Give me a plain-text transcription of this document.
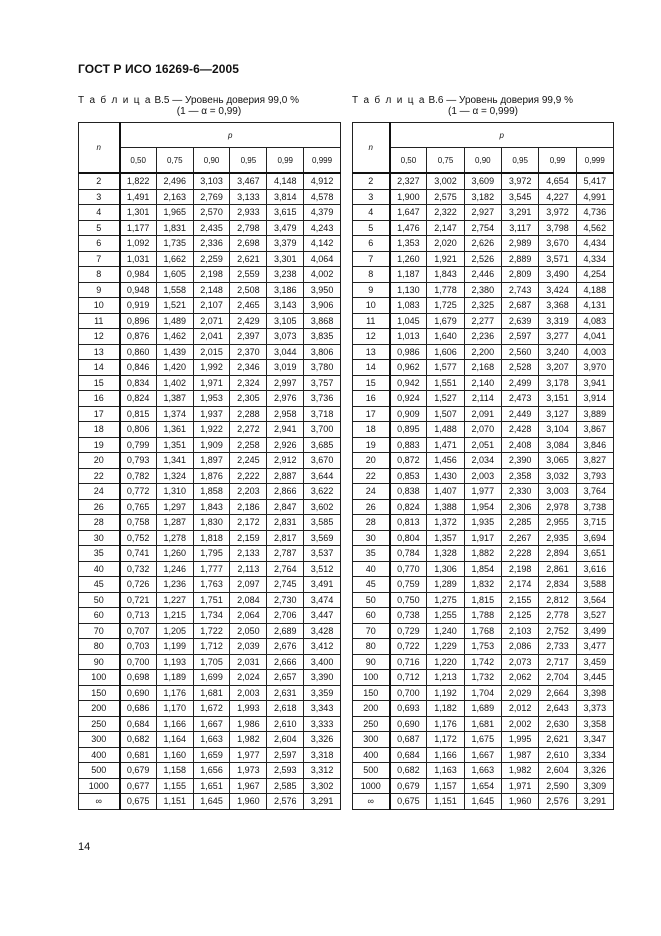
ГОСТ Р ИСО 16269-6—2005
Т а б л и ц а В.5 — Уровень доверия 99,0 %
(1 — α = 0,99)
Т а б л и ц а В.6 — Уровень доверия 99,9 %
(1 — α = 0,999)
n	p					
	0,50	0,75	0,90	0,95	0,99	0,999
2	1,822	2,496	3,103	3,467	4,148	4,912
3	1,491	2,163	2,769	3,133	3,814	4,578
4	1,301	1,965	2,570	2,933	3,615	4,379
5	1,177	1,831	2,435	2,798	3,479	4,243
6	1,092	1,735	2,336	2,698	3,379	4,142
7	1,031	1,662	2,259	2,621	3,301	4,064
8	0,984	1,605	2,198	2,559	3,238	4,002
9	0,948	1,558	2,148	2,508	3,186	3,950
10	0,919	1,521	2,107	2,465	3,143	3,906
11	0,896	1,489	2,071	2,429	3,105	3,868
12	0,876	1,462	2,041	2,397	3,073	3,835
13	0,860	1,439	2,015	2,370	3,044	3,806
14	0,846	1,420	1,992	2,346	3,019	3,780
15	0,834	1,402	1,971	2,324	2,997	3,757
16	0,824	1,387	1,953	2,305	2,976	3,736
17	0,815	1,374	1,937	2,288	2,958	3,718
18	0,806	1,361	1,922	2,272	2,941	3,700
19	0,799	1,351	1,909	2,258	2,926	3,685
20	0,793	1,341	1,897	2,245	2,912	3,670
22	0,782	1,324	1,876	2,222	2,887	3,644
24	0,772	1,310	1,858	2,203	2,866	3,622
26	0,765	1,297	1,843	2,186	2,847	3,602
28	0,758	1,287	1,830	2,172	2,831	3,585
30	0,752	1,278	1,818	2,159	2,817	3,569
35	0,741	1,260	1,795	2,133	2,787	3,537
40	0,732	1,246	1,777	2,113	2,764	3,512
45	0,726	1,236	1,763	2,097	2,745	3,491
50	0,721	1,227	1,751	2,084	2,730	3,474
60	0,713	1,215	1,734	2,064	2,706	3,447
70	0,707	1,205	1,722	2,050	2,689	3,428
80	0,703	1,199	1,712	2,039	2,676	3,412
90	0,700	1,193	1,705	2,031	2,666	3,400
100	0,698	1,189	1,699	2,024	2,657	3,390
150	0,690	1,176	1,681	2,003	2,631	3,359
200	0,686	1,170	1,672	1,993	2,618	3,343
250	0,684	1,166	1,667	1,986	2,610	3,333
300	0,682	1,164	1,663	1,982	2,604	3,326
400	0,681	1,160	1,659	1,977	2,597	3,318
500	0,679	1,158	1,656	1,973	2,593	3,312
1000	0,677	1,155	1,651	1,967	2,585	3,302
∞	0,675	1,151	1,645	1,960	2,576	3,291
n	p					
	0,50	0,75	0,90	0,95	0,99	0,999
2	2,327	3,002	3,609	3,972	4,654	5,417
3	1,900	2,575	3,182	3,545	4,227	4,991
4	1,647	2,322	2,927	3,291	3,972	4,736
5	1,476	2,147	2,754	3,117	3,798	4,562
6	1,353	2,020	2,626	2,989	3,670	4,434
7	1,260	1,921	2,526	2,889	3,571	4,334
8	1,187	1,843	2,446	2,809	3,490	4,254
9	1,130	1,778	2,380	2,743	3,424	4,188
10	1,083	1,725	2,325	2,687	3,368	4,131
11	1,045	1,679	2,277	2,639	3,319	4,083
12	1,013	1,640	2,236	2,597	3,277	4,041
13	0,986	1,606	2,200	2,560	3,240	4,003
14	0,962	1,577	2,168	2,528	3,207	3,970
15	0,942	1,551	2,140	2,499	3,178	3,941
16	0,924	1,527	2,114	2,473	3,151	3,914
17	0,909	1,507	2,091	2,449	3,127	3,889
18	0,895	1,488	2,070	2,428	3,104	3,867
19	0,883	1,471	2,051	2,408	3,084	3,846
20	0,872	1,456	2,034	2,390	3,065	3,827
22	0,853	1,430	2,003	2,358	3,032	3,793
24	0,838	1,407	1,977	2,330	3,003	3,764
26	0,824	1,388	1,954	2,306	2,978	3,738
28	0,813	1,372	1,935	2,285	2,955	3,715
30	0,804	1,357	1,917	2,267	2,935	3,694
35	0,784	1,328	1,882	2,228	2,894	3,651
40	0,770	1,306	1,854	2,198	2,861	3,616
45	0,759	1,289	1,832	2,174	2,834	3,588
50	0,750	1,275	1,815	2,155	2,812	3,564
60	0,738	1,255	1,788	2,125	2,778	3,527
70	0,729	1,240	1,768	2,103	2,752	3,499
80	0,722	1,229	1,753	2,086	2,733	3,477
90	0,716	1,220	1,742	2,073	2,717	3,459
100	0,712	1,213	1,732	2,062	2,704	3,445
150	0,700	1,192	1,704	2,029	2,664	3,398
200	0,693	1,182	1,689	2,012	2,643	3,373
250	0,690	1,176	1,681	2,002	2,630	3,358
300	0,687	1,172	1,675	1,995	2,621	3,347
400	0,684	1,166	1,667	1,987	2,610	3,334
500	0,682	1,163	1,663	1,982	2,604	3,326
1000	0,679	1,157	1,654	1,971	2,590	3,309
∞	0,675	1,151	1,645	1,960	2,576	3,291
14
